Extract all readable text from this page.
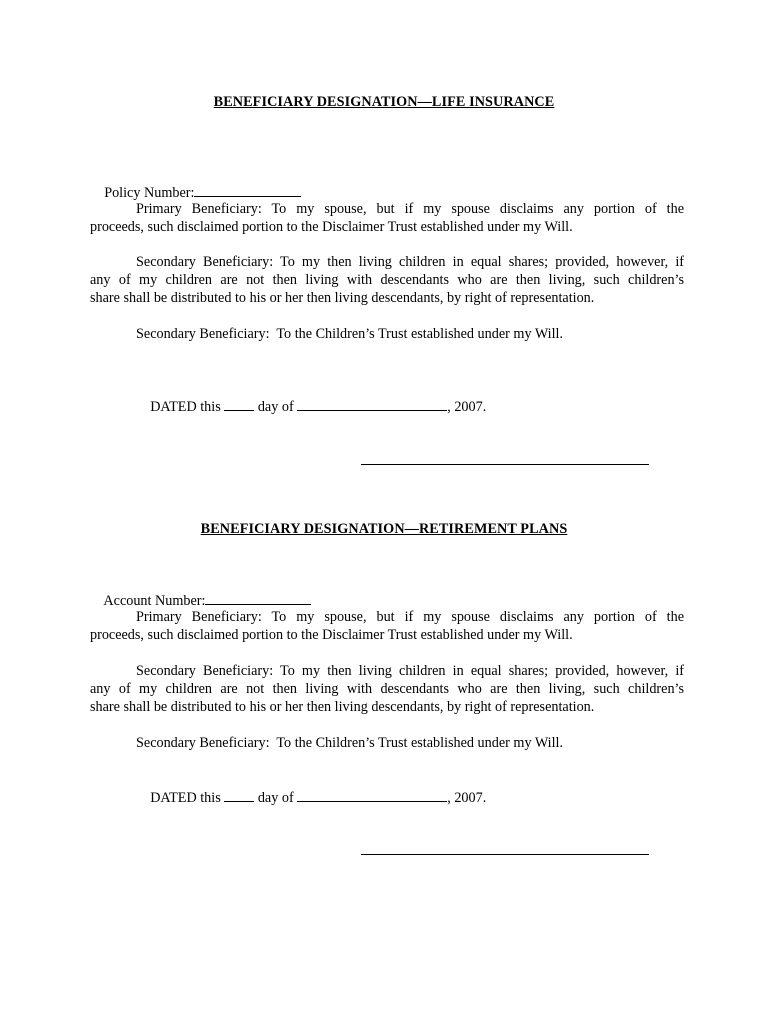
BENEFICIARY DESIGNATION—LIFE INSURANCE

Policy Number:

Primary Beneficiary: To my spouse, but if my spouse disclaims any portion of the
proceeds, such disclaimed portion to the Disclaimer Trust established under my Will.
Secondary Beneficiary: To my then living children in equal shares; provided, however, if
any of my children are not then living with descendants who are then living, such children’s
share shall be distributed to his or her then living descendants, by right of representation.
Secondary Beneficiary:  To the Children’s Trust established under my Will.

DATED this	day of	, 2007.

BENEFICIARY DESIGNATION—RETIREMENT PLANS

Account Number:

Primary Beneficiary: To my spouse, but if my spouse disclaims any portion of the
proceeds, such disclaimed portion to the Disclaimer Trust established under my Will.
Secondary Beneficiary: To my then living children in equal shares; provided, however, if
any of my children are not then living with descendants who are then living, such children’s
share shall be distributed to his or her then living descendants, by right of representation.
Secondary Beneficiary:  To the Children’s Trust established under my Will.

DATED this	day of	, 2007.
